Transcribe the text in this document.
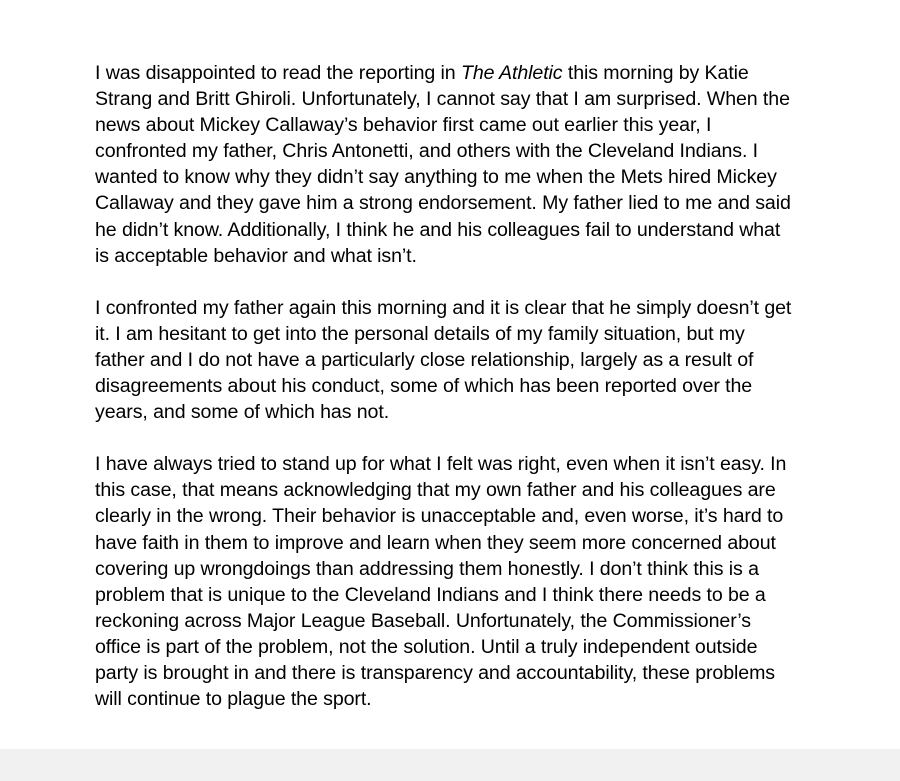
I was disappointed to read the reporting in The Athletic this morning by Katie
Strang and Britt Ghiroli. Unfortunately, I cannot say that I am surprised. When the
news about Mickey Callaway’s behavior first came out earlier this year, I
confronted my father, Chris Antonetti, and others with the Cleveland Indians. I
wanted to know why they didn’t say anything to me when the Mets hired Mickey
Callaway and they gave him a strong endorsement. My father lied to me and said
he didn’t know. Additionally, I think he and his colleagues fail to understand what
is acceptable behavior and what isn’t.

I confronted my father again this morning and it is clear that he simply doesn’t get
it. I am hesitant to get into the personal details of my family situation, but my
father and I do not have a particularly close relationship, largely as a result of
disagreements about his conduct, some of which has been reported over the
years, and some of which has not.

I have always tried to stand up for what I felt was right, even when it isn’t easy. In
this case, that means acknowledging that my own father and his colleagues are
clearly in the wrong. Their behavior is unacceptable and, even worse, it’s hard to
have faith in them to improve and learn when they seem more concerned about
covering up wrongdoings than addressing them honestly. I don’t think this is a
problem that is unique to the Cleveland Indians and I think there needs to be a
reckoning across Major League Baseball. Unfortunately, the Commissioner’s
office is part of the problem, not the solution. Until a truly independent outside
party is brought in and there is transparency and accountability, these problems
will continue to plague the sport.
